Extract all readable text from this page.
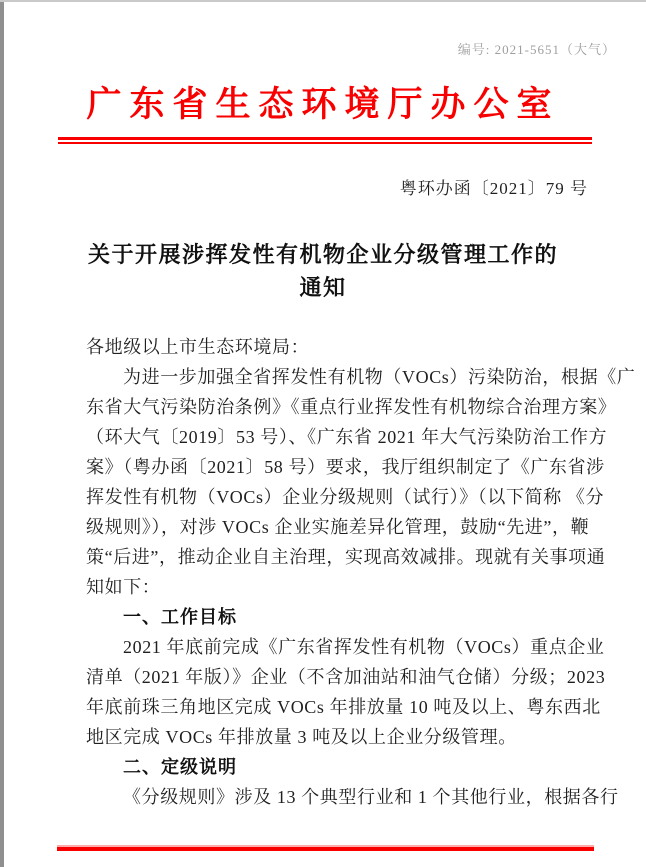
编号: 2021-5651（大气）
广东省生态环境厅办公室
粤环办函〔2021〕79 号
关于开展涉挥发性有机物企业分级管理工作的
通知
各地级以上市生态环境局：
为进一步加强全省挥发性有机物（VOCs）污染防治，根据《广
东省大气污染防治条例》《重点行业挥发性有机物综合治理方案》
（环大气〔2019〕53 号）、《广东省 2021 年大气污染防治工作方
案》（粤办函〔2021〕58 号）要求，我厅组织制定了《广东省涉
挥发性有机物（VOCs）企业分级规则（试行）》（以下简称 《分
级规则》），对涉 VOCs 企业实施差异化管理，鼓励“先进”，鞭
策“后进”，推动企业自主治理，实现高效减排。现就有关事项通
知如下：
一、工作目标
2021 年底前完成《广东省挥发性有机物（VOCs）重点企业
清单（2021 年版）》企业（不含加油站和油气仓储）分级；2023
年底前珠三角地区完成 VOCs 年排放量 10 吨及以上、粤东西北
地区完成 VOCs 年排放量 3 吨及以上企业分级管理。
二、定级说明
《分级规则》涉及 13 个典型行业和 1 个其他行业，根据各行
